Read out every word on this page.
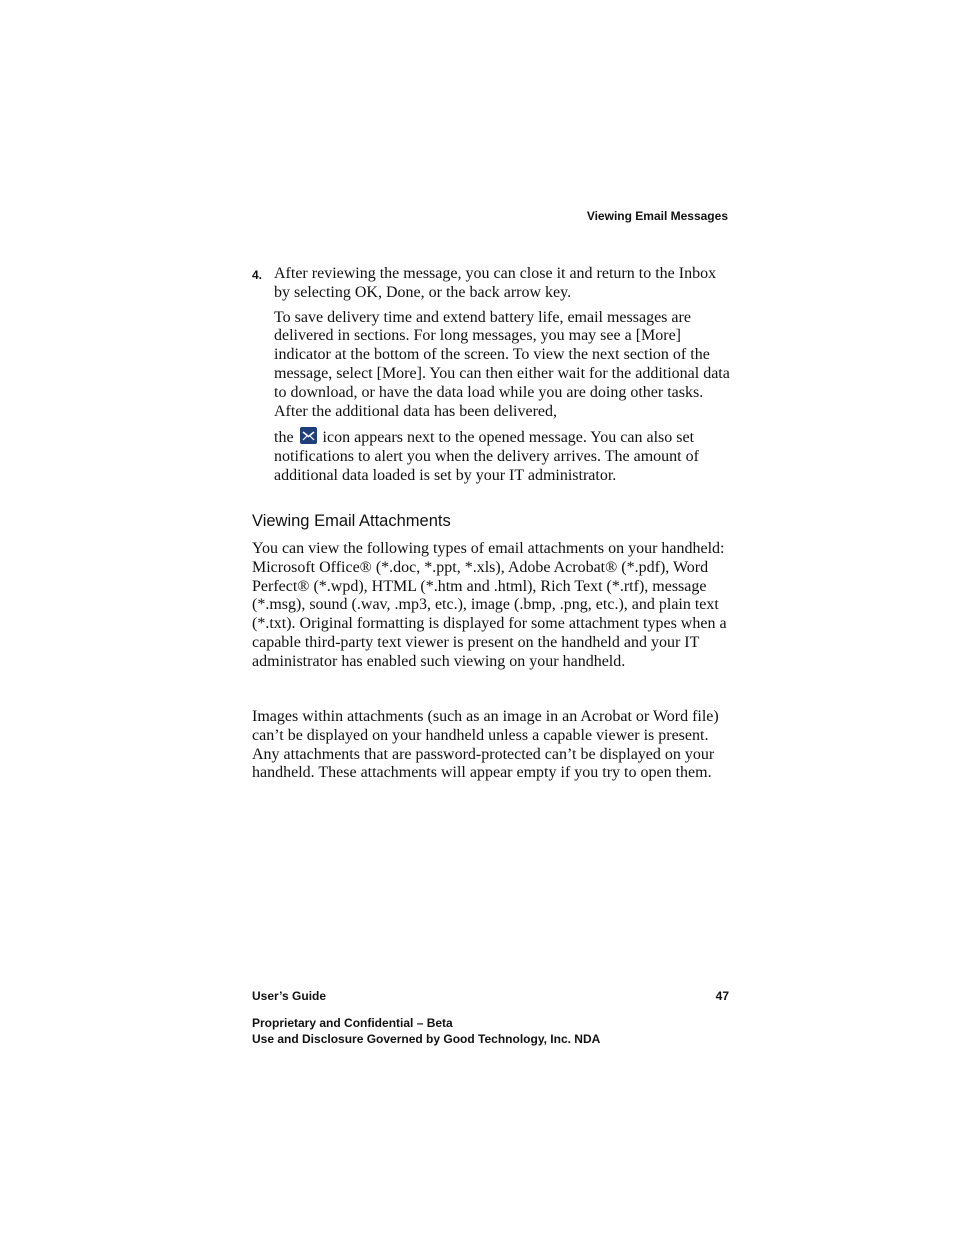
Viewing Email Messages
4. After reviewing the message, you can close it and return to the Inbox by selecting OK, Done, or the back arrow key.

To save delivery time and extend battery life, email messages are delivered in sections. For long messages, you may see a [More] indicator at the bottom of the screen. To view the next section of the message, select [More]. You can then either wait for the additional data to download, or have the data load while you are doing other tasks. After the additional data has been delivered,

the icon appears next to the opened message. You can also set notifications to alert you when the delivery arrives. The amount of additional data loaded is set by your IT administrator.

Viewing Email Attachments

You can view the following types of email attachments on your handheld: Microsoft Office® (*.doc, *.ppt, *.xls), Adobe Acrobat® (*.pdf), Word Perfect® (*.wpd), HTML (*.htm and .html), Rich Text (*.rtf), message (*.msg), sound (.wav, .mp3, etc.), image (.bmp, .png, etc.), and plain text (*.txt). Original formatting is displayed for some attachment types when a capable third-party text viewer is present on the handheld and your IT administrator has enabled such viewing on your handheld.

Images within attachments (such as an image in an Acrobat or Word file) can’t be displayed on your handheld unless a capable viewer is present. Any attachments that are password-protected can’t be displayed on your handheld. These attachments will appear empty if you try to open them.

User’s Guide	47
Proprietary and Confidential – Beta
Use and Disclosure Governed by Good Technology, Inc. NDA
